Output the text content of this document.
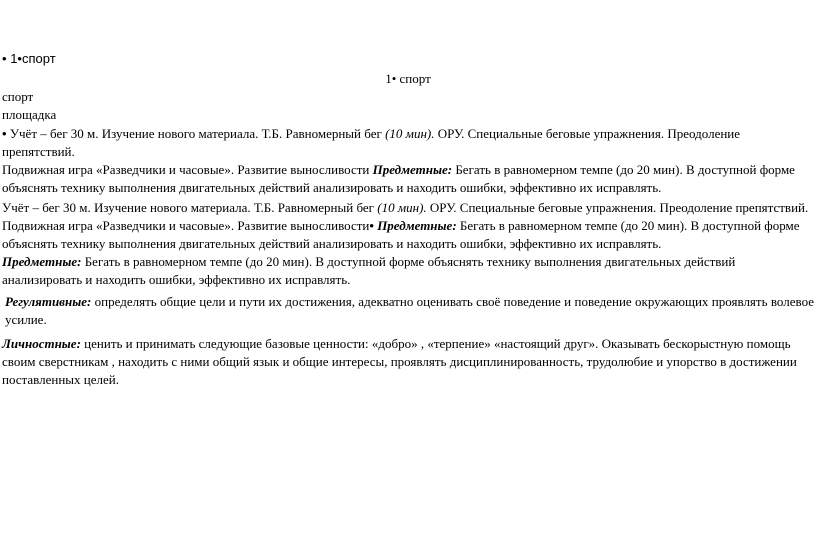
• 1•спорт

1• спорт

спорт

площадка

• Учёт – бег 30 м. Изучение нового материала. Т.Б. Равномерный бег (10 мин). ОРУ. Специальные беговые упражнения. Преодоление препятствий.
Подвижная игра «Разведчики и часовые». Развитие выносливости Предметные: Бегать в равномерном темпе (до 20 мин). В доступной форме объяснять технику выполнения двигательных действий анализировать и находить ошибки, эффективно их исправлять.

Учёт – бег 30 м. Изучение нового материала. Т.Б. Равномерный бег (10 мин). ОРУ. Специальные беговые упражнения. Преодоление препятствий.
Подвижная игра «Разведчики и часовые». Развитие выносливости• Предметные: Бегать в равномерном темпе (до 20 мин). В доступной форме объяснять технику выполнения двигательных действий анализировать и находить ошибки, эффективно их исправлять.

Предметные: Бегать в равномерном темпе (до 20 мин). В доступной форме объяснять технику выполнения двигательных действий анализировать и находить ошибки, эффективно их исправлять.

Регулятивные: определять общие цели и пути их достижения, адекватно оценивать своё поведение и поведение окружающих проявлять волевое усилие.

Личностные: ценить и принимать следующие базовые ценности: «добро» , «терпение» «настоящий друг». Оказывать бескорыстную помощь своим сверстникам , находить с ними общий язык и общие интересы, проявлять дисциплинированность, трудолюбие и упорство в достижении поставленных целей.
